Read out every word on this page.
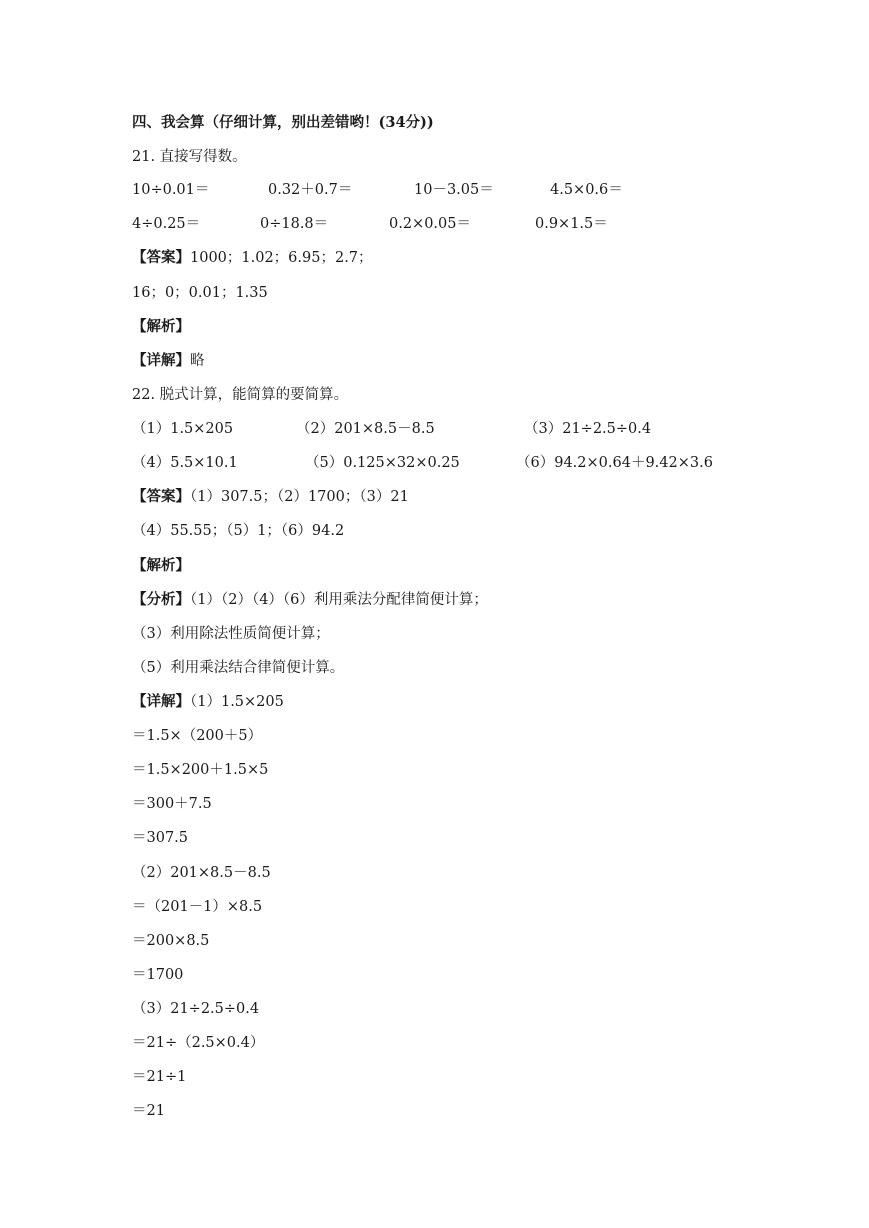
四、我会算（仔细计算，别出差错哟！(34分))
21. 直接写得数。
10÷0.01＝	0.32＋0.7＝	10－3.05＝	4.5×0.6＝
4÷0.25＝	0÷18.8＝	0.2×0.05＝	0.9×1.5＝
【答案】1000；1.02；6.95；2.7；
16；0；0.01；1.35
【解析】
【详解】略
22. 脱式计算，能简算的要简算。
（1）1.5×205	（2）201×8.5－8.5	（3）21÷2.5÷0.4
（4）5.5×10.1	（5）0.125×32×0.25	（6）94.2×0.64＋9.42×3.6
【答案】（1）307.5；（2）1700；（3）21
（4）55.55；（5）1；（6）94.2
【解析】
【分析】（1）（2）（4）（6）利用乘法分配律简便计算；
（3）利用除法性质简便计算；
（5）利用乘法结合律简便计算。
【详解】（1）1.5×205
＝1.5×（200＋5）
＝1.5×200＋1.5×5
＝300＋7.5
＝307.5
（2）201×8.5－8.5
＝（201－1）×8.5
＝200×8.5
＝1700
（3）21÷2.5÷0.4
＝21÷（2.5×0.4）
＝21÷1
＝21
